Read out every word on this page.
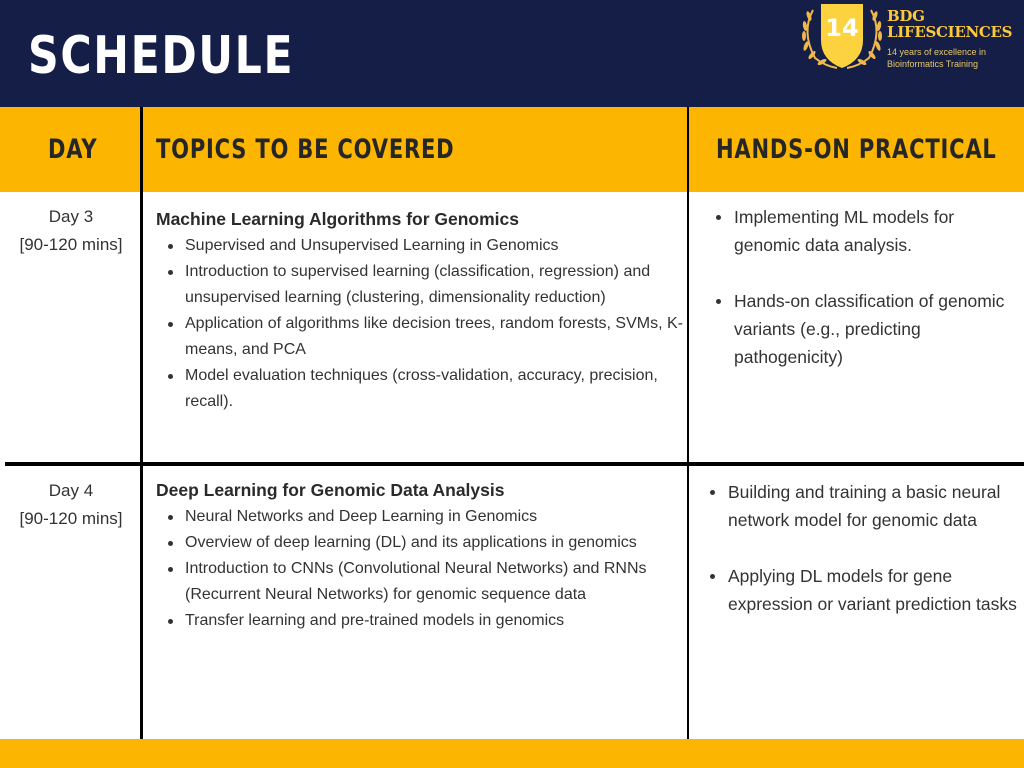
SCHEDULE	14 BDG
LIFESCIENCES
14 years of excellence in
Bioinformatics Training
DAY TOPICS TO BE COVERED	HANDS-ON PRACTICAL
Day 3
[90-120 mins]
Machine Learning Algorithms for Genomics
Supervised and Unsupervised Learning in Genomics
Introduction to supervised learning (classification, regression) and unsupervised learning (clustering, dimensionality reduction)
Application of algorithms like decision trees, random forests, SVMs, K-means, and PCA
Model evaluation techniques (cross-validation, accuracy, precision, recall).
Implementing ML models for genomic data analysis.
Hands-on classification of genomic variants (e.g., predicting pathogenicity)
Day 4
[90-120 mins]
Deep Learning for Genomic Data Analysis
Neural Networks and Deep Learning in Genomics
Overview of deep learning (DL) and its applications in genomics
Introduction to CNNs (Convolutional Neural Networks) and RNNs (Recurrent Neural Networks) for genomic sequence data
Transfer learning and pre-trained models in genomics
Building and training a basic neural network model for genomic data
Applying DL models for gene expression or variant prediction tasks
